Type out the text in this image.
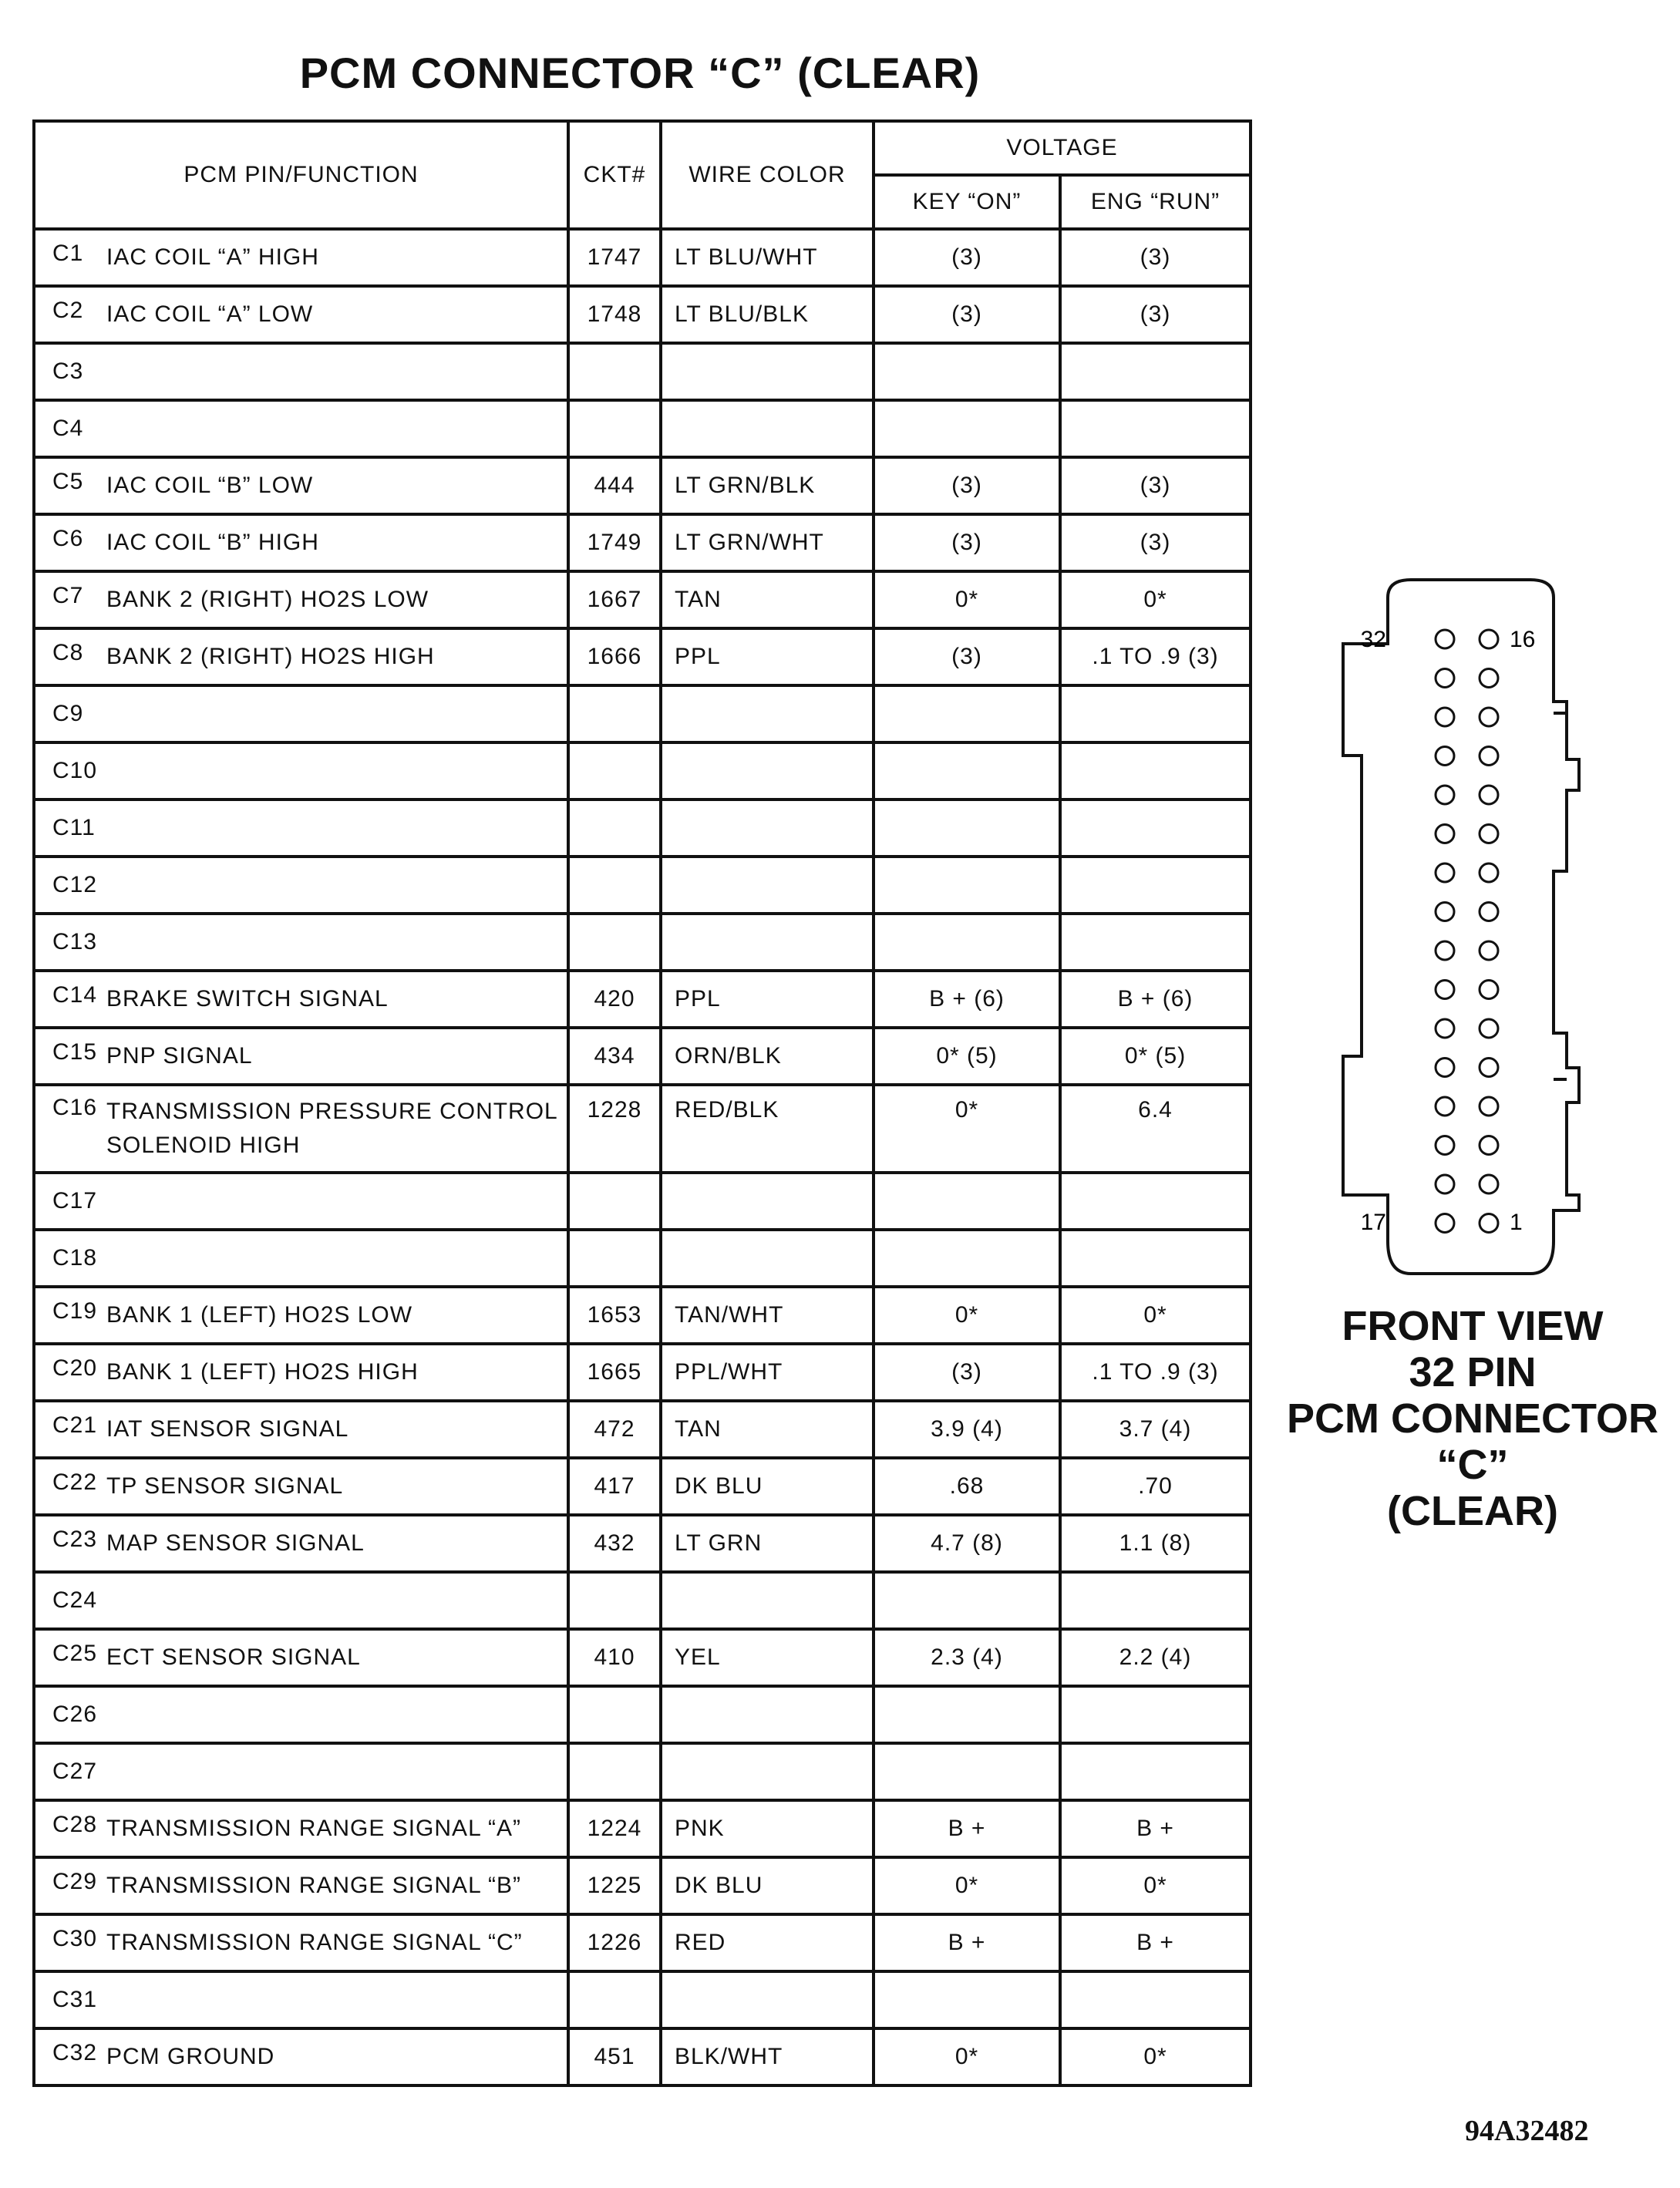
PCM CONNECTOR “C” (CLEAR)
PCM PIN/FUNCTION	CKT#	WIRE COLOR	VOLTAGE	
			KEY “ON”	ENG “RUN”
C1 IAC COIL “A” HIGH	1747	LT BLU/WHT	(3)	(3)
C2 IAC COIL “A” LOW	1748	LT BLU/BLK	(3)	(3)
C3

C4

C5 IAC COIL “B” LOW	444	LT GRN/BLK	(3)	(3)
C6 IAC COIL “B” HIGH	1749	LT GRN/WHT	(3)	(3)
C7 BANK 2 (RIGHT) HO2S LOW	1667	TAN	0*	0*
C8 BANK 2 (RIGHT) HO2S HIGH	1666	PPL	(3)	.1 TO .9 (3)
C9

C10

C11

C12

C13

C14 BRAKE SWITCH SIGNAL	420	PPL	B + (6)	B + (6)
C15 PNP SIGNAL	434	ORN/BLK	0* (5)	0* (5)
C16 TRANSMISSION PRESSURE CONTROL
SOLENOID HIGH	1228	RED/BLK	0*	6.4
C17

C18

C19 BANK 1 (LEFT) HO2S LOW	1653	TAN/WHT	0*	0*
C20 BANK 1 (LEFT) HO2S HIGH	1665	PPL/WHT	(3)	.1 TO .9 (3)
C21 IAT SENSOR SIGNAL	472	TAN	3.9 (4)	3.7 (4)
C22 TP SENSOR SIGNAL	417	DK BLU	.68	.70
C23 MAP SENSOR SIGNAL	432	LT GRN	4.7 (8)	1.1 (8)
C24

C25 ECT SENSOR SIGNAL	410	YEL	2.3 (4)	2.2 (4)
C26

C27

C28 TRANSMISSION RANGE SIGNAL “A”	1224	PNK	B +	B +
C29 TRANSMISSION RANGE SIGNAL “B”	1225	DK BLU	0*	0*
C30 TRANSMISSION RANGE SIGNAL “C”	1226	RED	B +	B +
C31

C32 PCM GROUND	451	BLK/WHT	0*	0*
32	16
17	1
FRONT VIEW
32 PIN
PCM CONNECTOR
“C”
(CLEAR)
94A32482
